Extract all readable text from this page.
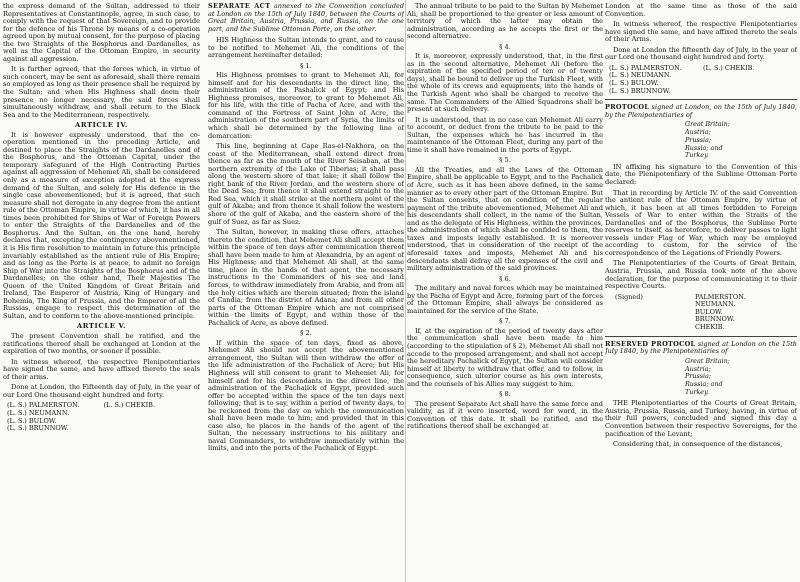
the express demand of the Sultan, addressed to their Representatives at Constantinople, agree, in such case, to comply with the request of that Sovereign, and to provide for the defence of his Throne by means of a co-operation agreed upon by mutual consent, for the purpose of placing the two Straights of the Bosphorus and Dardanelles, as well as the Capital of the Ottoman Empire, in security against all aggression.

It is further agreed, that the forces which, in virtue of such concert, may be sent as aforesaid, shall there remain so employed as long as their presence shall be required by the Sultan; and when His Highness shall deem their presence no longer necessary, the said forces shall simultaneously withdraw, and shall return to the Black Sea and to the Mediterranean, respectively.

ARTICLE IV.

It is however expressly understood, that the co-operation mentioned in the preceding Article, and destined to place the Straights of the Dardanelles and of the Bosphorus, and the Ottoman Capital, under the temporary safeguard of the High Contracting Parties against all aggression of Mehemet Ali, shall be considered only as a measure of exception adopted at the express demand of the Sultan, and solely for His defence in the single case abovementioned; but it is agreed, that such measure shall not derogate in any degree from the antient rule of the Ottoman Empire, in virtue of which, it has in all times been prohibited for Ships of War of Foreign Powers to enter the Straights of the Dardanelles and of the Bosphorus. And the Sultan, on the one hand, hereby declares that, excepting the contingency abovementioned, it is His firm resolution to maintain in future this principle invariably established as the antient rule of His Empire; and as long as the Porte is at peace, to admit no foreign Ship of War into the Straights of the Bosphorus and of the Dardanelles; on the other hand, Their Majesties The Queen of the United Kingdom of Great Britain and Ireland, The Emperor of Austria, King of Hungary and Bohemia, The King of Prussia, and the Emperor of all the Russias, engage to respect this determination of the Sultan, and to conform to the above-mentioned principle.

ARTICLE V.

The present Convention shall be ratified, and the ratifications thereof shall be exchanged at London at the expiration of two months, or sooner if possible.

In witness whereof, the respective Plenipotentiaries have signed the same, and have affixed thereto the seals of their arms.

Done at London, the Fifteenth day of July, in the year of our Lord One thousand eight hundred and forty.

(L. S.) PALMERSTON.	(L. S.) CHEKIB.
(L. S.) NEUMANN.
(L. S.) BULOW.
(L. S.) BRUNNOW.

SEPARATE ACT annexed to the Convention concluded at London on the 15th of July 1840, between the Courts of Great Britain, Austria, Prussia, and Russia, on the one part, and the Sublime Ottoman Porte, on the other.

HIS Highness the Sultan intends to grant, and to cause to be notified to Mehemet Ali, the conditions of the arrangement hereinafter detailed:

§ 1.

His Highness promises to grant to Mehemet Ali, for himself and for his descendants in the direct line, the administration of the Pashalick of Egypt; and His Highness promises, moreover, to grant to Mehemet Ali, for his life, with the title of Pacha of Acre, and with the command of the Fortress of Saint John of Acre, the administration of the southern part of Syria, the limits of which shall be determined by the following line of demarcation:

This line, beginning at Cape Ras-el-Nakhora, on the coast of the Mediterranean, shall extend direct from thence as far as the mouth of the River Seisaban, at the northern extremity of the Lake of Tiberias; it shall pass along the western shore of that lake; it shall follow the right bank of the River Jordan, and the western shore of the Dead Sea; from thence it shall extend straight to the Red Sea, which it shall strike at the northern point of the gulf of Akaba; and from thence it shall follow the western shore of the gulf of Akaba, and the eastern shore of the gulf of Suez, as far as Suez.

The Sultan, however, in making these offers, attaches thereto the condition, that Mehemet Ali shall accept them within the space of ten days after communication thereof shall have been made to him at Alexandria, by an agent of His Highness; and that Mehemet Ali shall, at the same time, place in the hands of that agent, the necessary instructions to the Commanders of his sea and land forces, to withdraw immediately from Arabia, and from all the holy cities which are therein situated; from the island of Candia; from the district of Adana; and from all other parts of the Ottoman Empire which are not comprised within the limits of Egypt, and within those of the Pachalick of Acre, as above defined.

§ 2.

If within the space of ten days, fixed as above, Mehemet Ali should not accept the abovementioned arrangement, the Sultan will then withdraw the offer of the life administration of the Pachalick of Acre; but His Highness will still consent to grant to Mehemet Ali, for himself and for his descendants in the direct line, the administration of the Pachalick of Egypt, provided such offer be accepted within the space of the ten days next following; that is to say, within a period of twenty days, to be reckoned from the day on which the communication shall have been made to him; and provided that in this case also, he places in the hands of the agent of the Sultan, the necessary instructions to his military and naval Commanders, to withdraw immediately within the limits, and into the ports of the Pachalick of Egypt.

The annual tribute to be paid to the Sultan by Mehemet Ali, shall be proportioned to the greater or less amount of territory of which the latter may obtain the administration, according as he accepts the first or the second alternative.

§ 4.

It is, moreover, expressly understood, that, in the first as in the second alternative, Mehemet Ali (before the expiration of the specified period of ten or of twenty days), shall be bound to deliver up the Turkish Fleet, with the whole of its crews and equipments, into the hands of the Turkish Agent who shall be charged to receive the same. The Commanders of the Allied Squadrons shall be present at such delivery.

It is understood, that in no case can Mehemet Ali carry to account, or deduct from the tribute to be paid to the Sultan, the expenses which he has incurred in the maintenance of the Ottoman Fleet, during any part of the time it shall have remained in the ports of Egypt.

§ 5.

All the Treaties, and all the Laws of the Ottoman Empire, shall be applicable to Egypt, and to the Pachalick of Acre, such as it has been above defined, in the same manner as to every other part of the Ottoman Empire. But the Sultan consents, that on condition of the regular payment of the tribute abovementioned, Mehemet Ali and his descendants shall collect, in the name of the Sultan, and as the delegate of His Highness, within the provinces, the administration of which shall be confided to them, the taxes and imposts legally established. It is moreover understood, that in consideration of the receipt of the aforesaid taxes and imposts, Mehemet Ali and his descendants shall defray all the expenses of the civil and military administration of the said provinces.

§ 6.

The military and naval forces which may be maintained by the Pacha of Egypt and Acre, forming part of the forces of the Ottoman Empire, shall always be considered as maintained for the service of the State.

§ 7.

If, at the expiration of the period of twenty days after the communication shall have been made to him (according to the stipulation of § 2), Mehemet Ali shall not accede to the proposed arrangement, and shall not accept the hereditary Pachalick of Egypt, the Sultan will consider himself at liberty to withdraw that offer, and to follow, in consequence, such ulterior course as his own interests, and the counsels of his Allies may suggest to him.

§ 8.

The present Separate Act shall have the same force and validity, as if it were inserted, word for word, in the Convention of this date. It shall be ratified, and the ratifications thereof shall be exchanged at

London at the same time as those of the said Convention.

In witness whereof, the respective Plenipotentiaries have signed the same, and have affixed thereto the seals of their Arms.

Done at London the fifteenth day of July, in the year of our Lord one thousand eight hundred and forty.

(L. S.) PALMERSTON.	(L. S.) CHEKIB.
(L. S.) NEUMANN.
(L. S.) BULOW.
(L. S.) BRUNNOW.
PROTOCOL signed at London, on the 15th of July 1840, by the Plenipotentiaries of
Great Britain;
Austria;
Prussia;
Russia; and
Turkey.

IN affixing his signature to the Convention of this date, the Plenipotentiary of the Sublime Ottoman Porte declared:

That in recording by Article IV. of the said Convention the antient rule of the Ottoman Empire, by virtue of which, it has been at all times forbidden to Foreign Vessels of War to enter within the Straits of the Dardanelles and of the Bosphorus, the Sublime Porte reserves to itself, as heretofore, to deliver passes to light vessels under Flag of War, which may be employed according to custom, for the service of the correspondence of the Legations of Friendly Powers.

The Plenipotentiaries of the Courts of Great Britain, Austria, Prussia, and Russia took note of the above declaration, for the purpose of communicating it to their respective Courts.

(Signed)	PALMERSTON.
NEUMANN.
BULOW.
BRUNNOW.
CHEKIB.
RESERVED PROTOCOL signed at London on the 15th July 1840, by the Plenipotentiaries of
Great Britain;
Austria;
Prussia;
Russia; and
Turkey.

THE Plenipotentiaries of the Courts of Great Britain, Austria, Prussia, Russia, and Turkey, having, in virtue of their full powers, concluded and signed this day a Convention between their respective Sovereigns, for the pacification of the Levant;

Considering that, in consequence of the distances,
